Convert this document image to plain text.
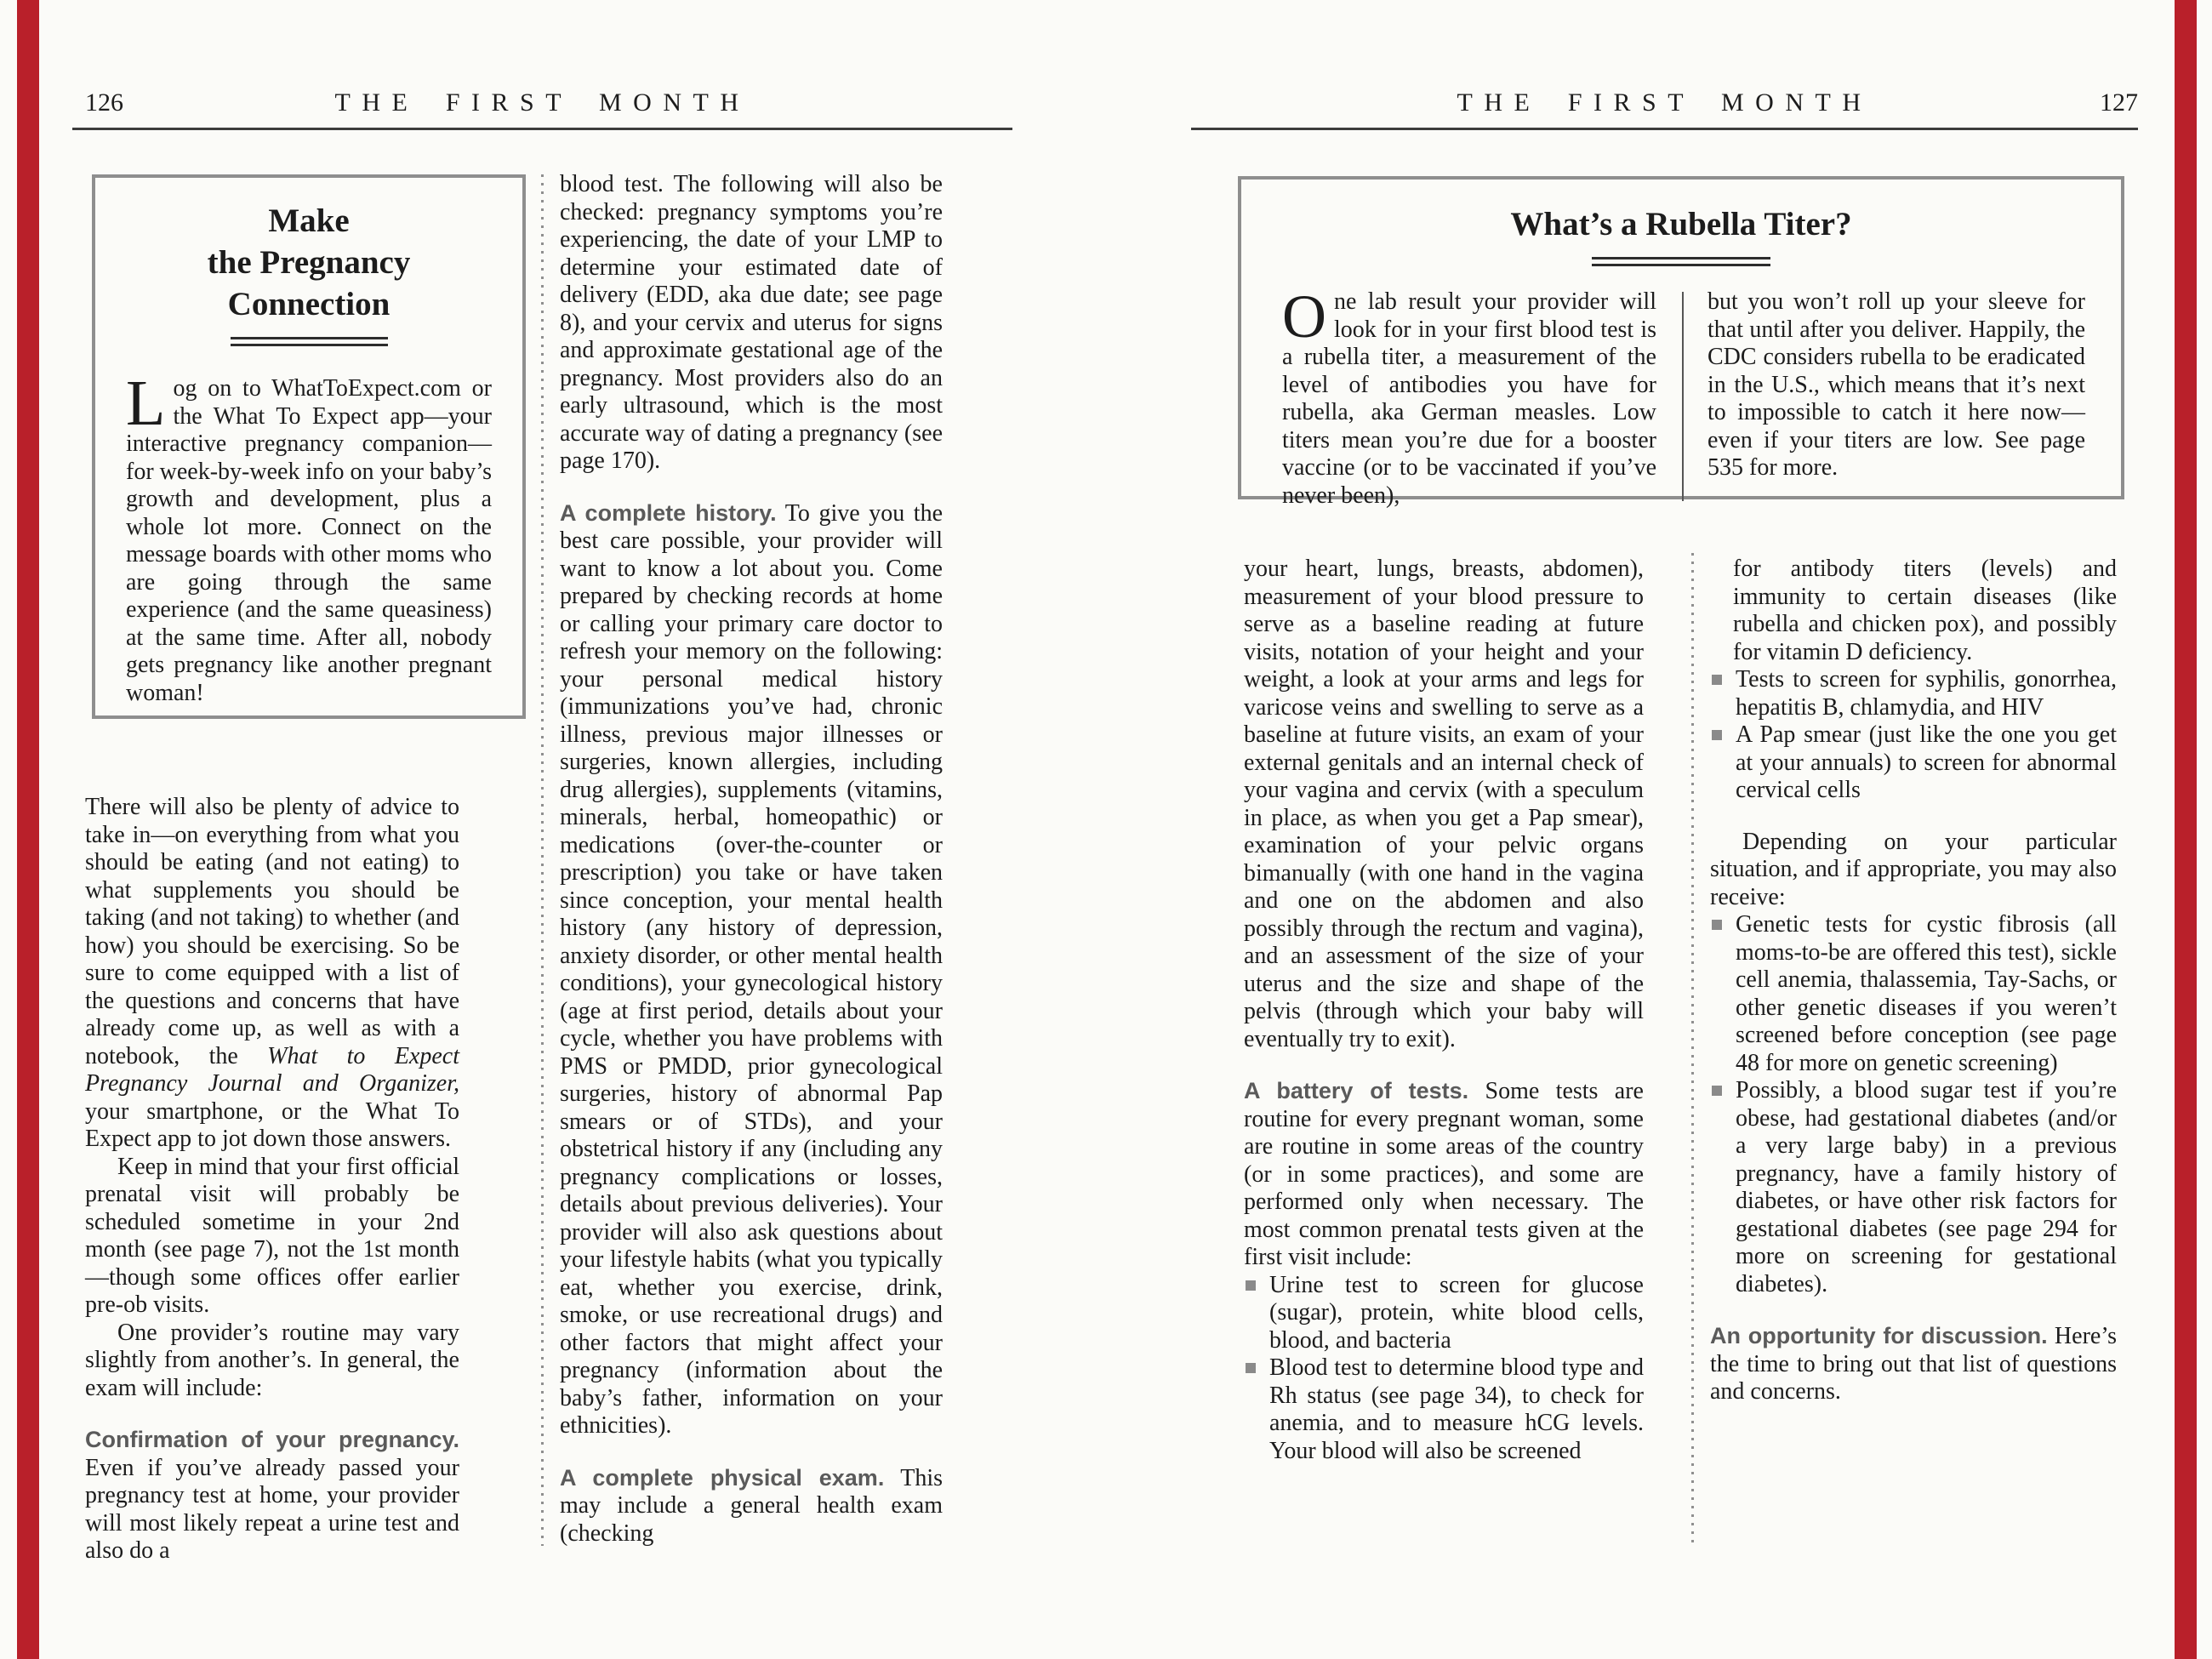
126	THE FIRST MONTH

Make
the Pregnancy
Connection

Log on to WhatToExpect.com or the What To Expect app—your interactive pregnancy companion—for week-by-week info on your baby’s growth and development, plus a whole lot more. Connect on the message boards with other moms who are going through the same experience (and the same queasiness) at the same time. After all, nobody gets pregnancy like another pregnant woman!

There will also be plenty of advice to take in—on everything from what you should be eating (and not eating) to what supplements you should be taking (and not taking) to whether (and how) you should be exercising. So be sure to come equipped with a list of the questions and concerns that have already come up, as well as with a notebook, the What to Expect Pregnancy Journal and Organizer, your smartphone, or the What To Expect app to jot down those answers.

Keep in mind that your first official prenatal visit will probably be scheduled sometime in your 2nd month (see page 7), not the 1st month—though some offices offer earlier pre-ob visits.

One provider’s routine may vary slightly from another’s. In general, the exam will include:

Confirmation of your pregnancy. Even if you’ve already passed your pregnancy test at home, your provider will most likely repeat a urine test and also do a

blood test. The following will also be checked: pregnancy symptoms you’re experiencing, the date of your LMP to determine your estimated date of delivery (EDD, aka due date; see page 8), and your cervix and uterus for signs and approximate gestational age of the pregnancy. Most providers also do an early ultrasound, which is the most accurate way of dating a pregnancy (see page 170).

A complete history. To give you the best care possible, your provider will want to know a lot about you. Come prepared by checking records at home or calling your primary care doctor to refresh your memory on the following: your personal medical history (immunizations you’ve had, chronic illness, previous major illnesses or surgeries, known allergies, including drug allergies), supplements (vitamins, minerals, herbal, homeopathic) or medications (over-the-counter or prescription) you take or have taken since conception, your mental health history (any history of depression, anxiety disorder, or other mental health conditions), your gynecological history (age at first period, details about your cycle, whether you have problems with PMS or PMDD, prior gynecological surgeries, history of abnormal Pap smears or of STDs), and your obstetrical history if any (including any pregnancy complications or losses, details about previous deliveries). Your provider will also ask questions about your lifestyle habits (what you typically eat, whether you exercise, drink, smoke, or use recreational drugs) and other factors that might affect your pregnancy (information about the baby’s father, information on your ethnicities).

A complete physical exam. This may include a general health exam (checking

THE FIRST MONTH	127

What’s a Rubella Titer?

One lab result your provider will look for in your first blood test is a rubella titer, a measurement of the level of antibodies you have for rubella, aka German measles. Low titers mean you’re due for a booster vaccine (or to be vaccinated if you’ve never been),

but you won’t roll up your sleeve for that until after you deliver. Happily, the CDC considers rubella to be eradicated in the U.S., which means that it’s next to impossible to catch it here now—even if your titers are low. See page 535 for more.

your heart, lungs, breasts, abdomen), measurement of your blood pressure to serve as a baseline reading at future visits, notation of your height and your weight, a look at your arms and legs for varicose veins and swelling to serve as a baseline at future visits, an exam of your external genitals and an internal check of your vagina and cervix (with a speculum in place, as when you get a Pap smear), examination of your pelvic organs bimanually (with one hand in the vagina and one on the abdomen and also possibly through the rectum and vagina), and an assessment of the size of your uterus and the size and shape of the pelvis (through which your baby will eventually try to exit).

A battery of tests. Some tests are routine for every pregnant woman, some are routine in some areas of the country (or in some practices), and some are performed only when necessary. The most common prenatal tests given at the first visit include:

Urine test to screen for glucose (sugar), protein, white blood cells, blood, and bacteria

Blood test to determine blood type and Rh status (see page 34), to check for anemia, and to measure hCG levels. Your blood will also be screened

for antibody titers (levels) and immunity to certain diseases (like rubella and chicken pox), and possibly for vitamin D deficiency.

Tests to screen for syphilis, gonorrhea, hepatitis B, chlamydia, and HIV

A Pap smear (just like the one you get at your annuals) to screen for abnormal cervical cells

Depending on your particular situation, and if appropriate, you may also receive:

Genetic tests for cystic fibrosis (all moms-to-be are offered this test), sickle cell anemia, thalassemia, Tay-Sachs, or other genetic diseases if you weren’t screened before conception (see page 48 for more on genetic screening)

Possibly, a blood sugar test if you’re obese, had gestational diabetes (and/or a very large baby) in a previous pregnancy, have a family history of diabetes, or have other risk factors for gestational diabetes (see page 294 for more on screening for gestational diabetes).

An opportunity for discussion. Here’s the time to bring out that list of questions and concerns.
